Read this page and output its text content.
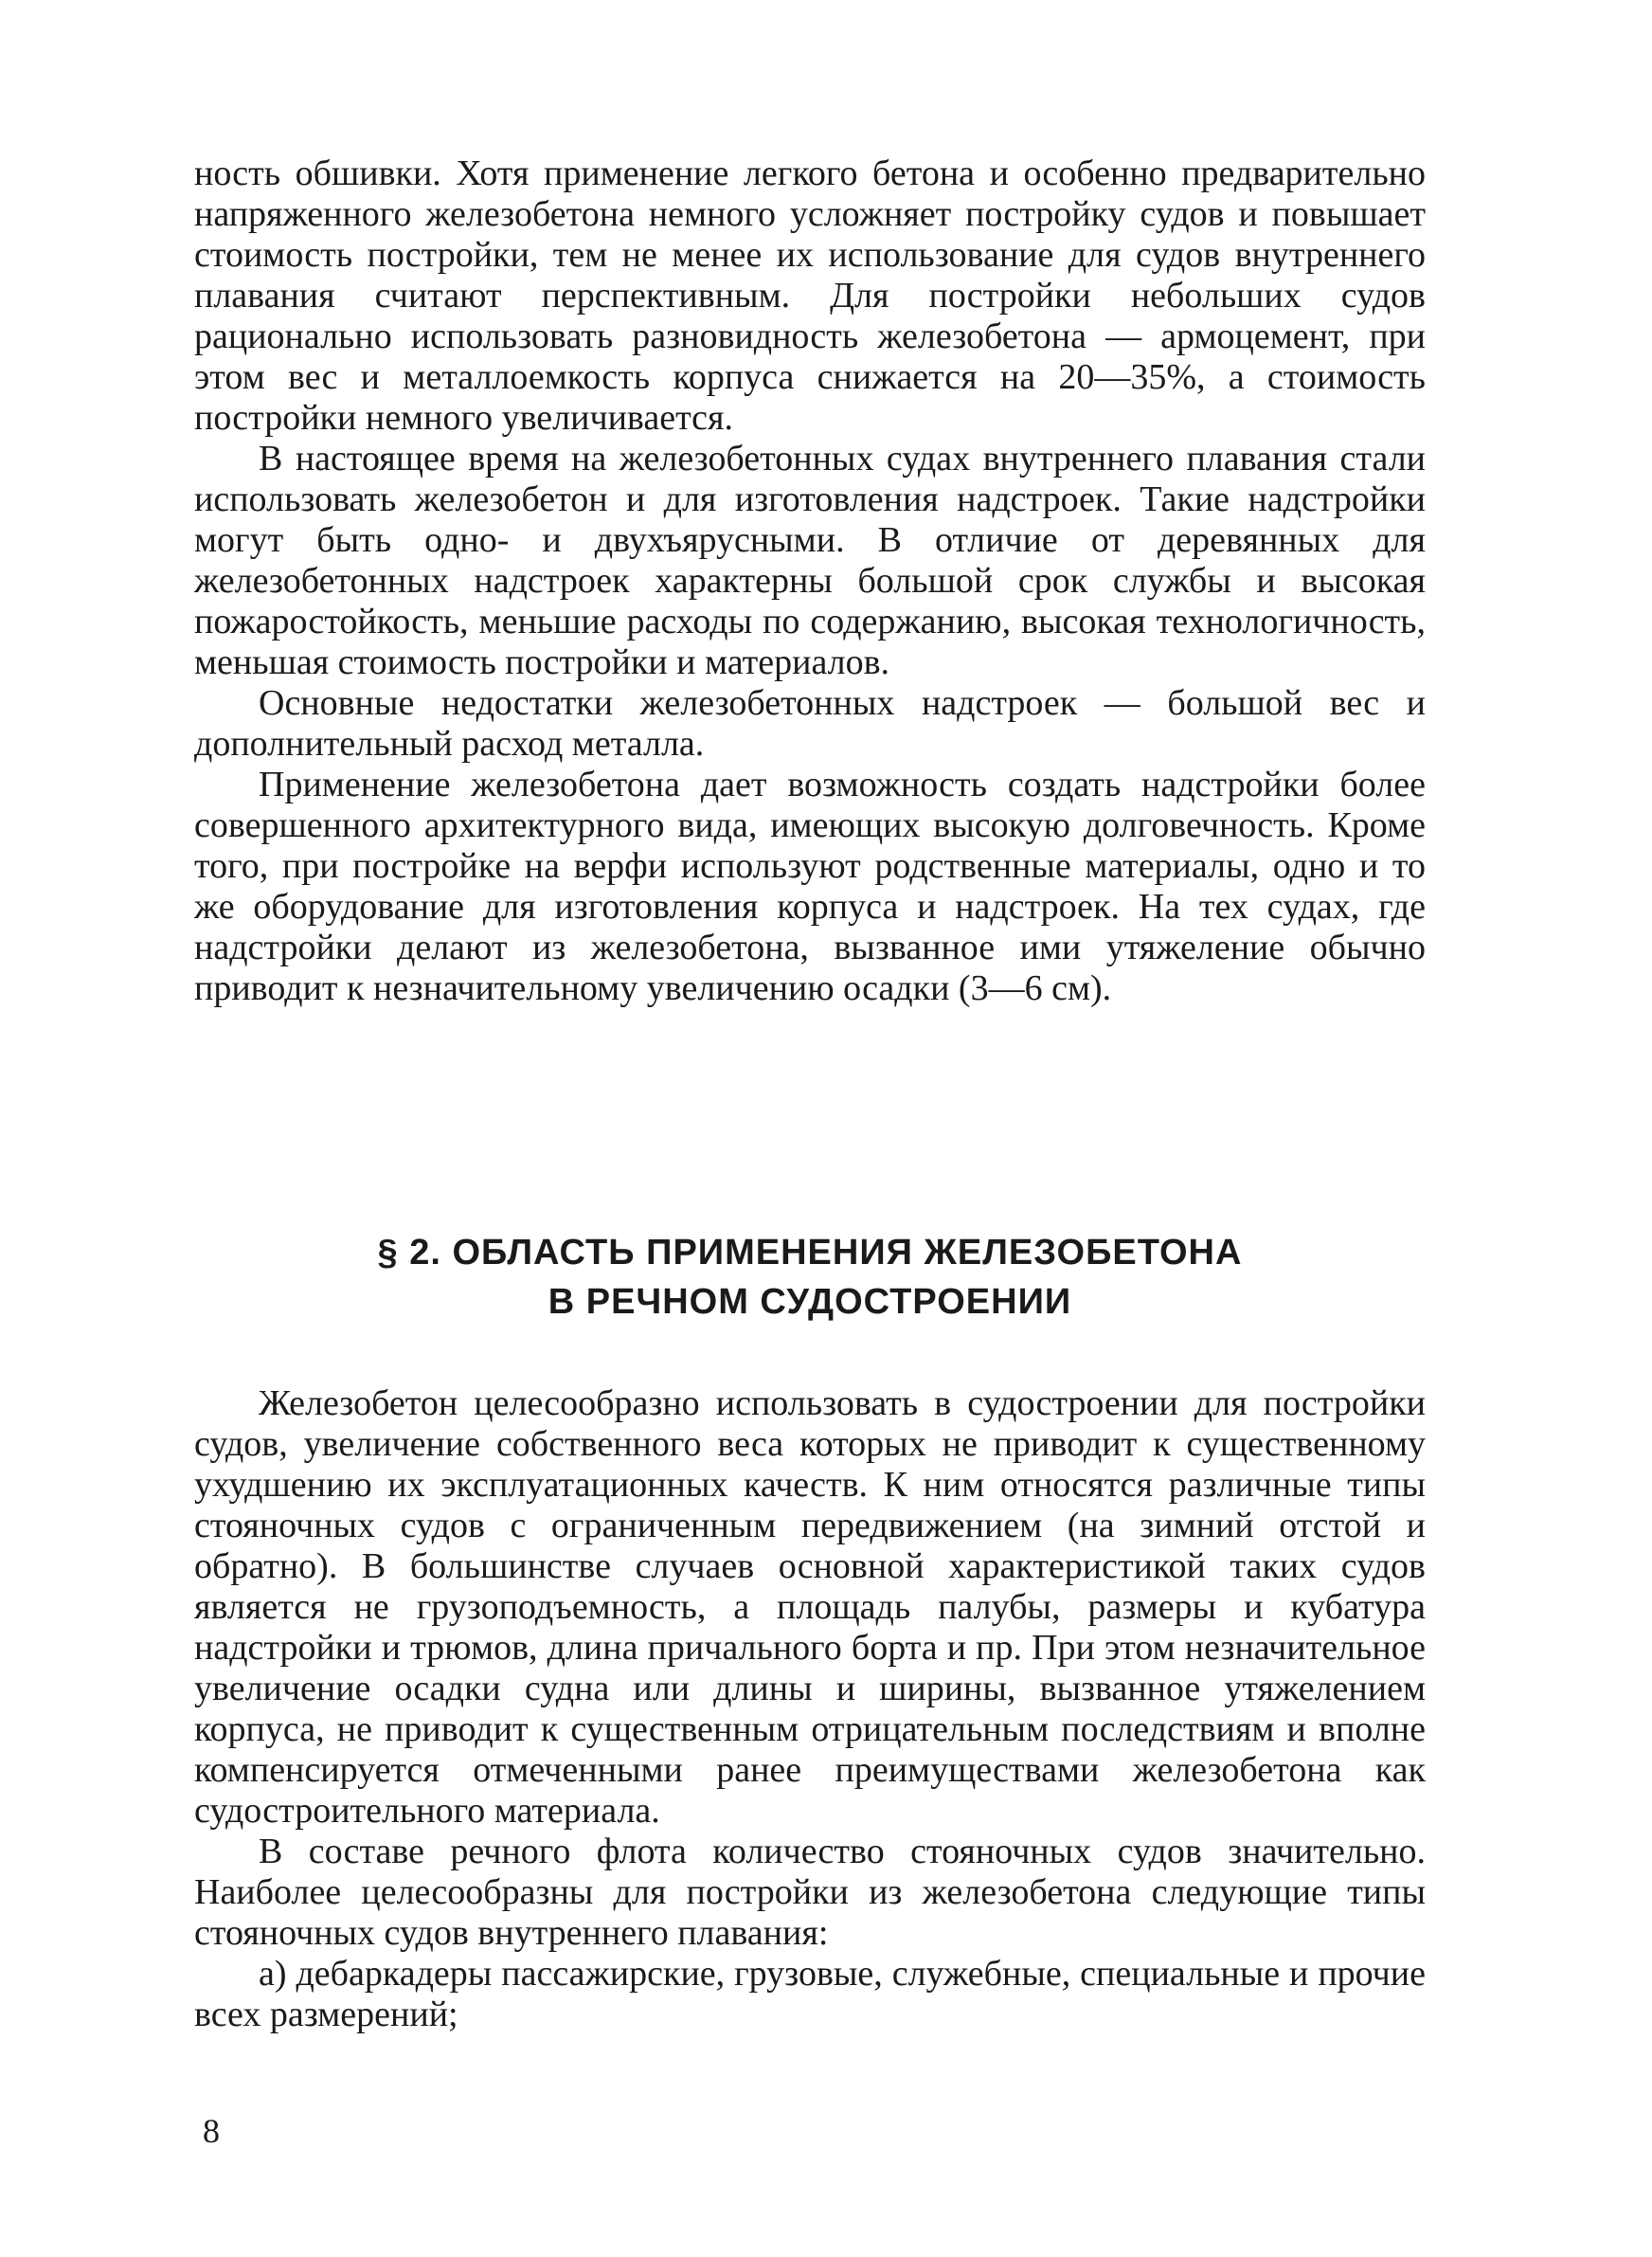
ность обшивки. Хотя применение легкого бетона и особенно предварительно напряженного железобетона немного усложняет постройку судов и повышает стоимость постройки, тем не менее их использование для судов внутреннего плавания считают перспективным. Для постройки небольших судов рационально использовать разновидность железобетона — армоцемент, при этом вес и металлоемкость корпуса снижается на 20—35%, а стоимость постройки немного увеличивается.

В настоящее время на железобетонных судах внутреннего плавания стали использовать железобетон и для изготовления надстроек. Такие надстройки могут быть одно- и двухъярусными. В отличие от деревянных для железобетонных надстроек характерны большой срок службы и высокая пожаростойкость, меньшие расходы по содержанию, высокая технологичность, меньшая стоимость постройки и материалов.

Основные недостатки железобетонных надстроек — большой вес и дополнительный расход металла.

Применение железобетона дает возможность создать надстройки более совершенного архитектурного вида, имеющих высокую долговечность. Кроме того, при постройке на верфи используют родственные материалы, одно и то же оборудование для изготовления корпуса и надстроек. На тех судах, где надстройки делают из железобетона, вызванное ими утяжеление обычно приводит к незначительному увеличению осадки (3—6 см).

§ 2. ОБЛАСТЬ ПРИМЕНЕНИЯ ЖЕЛЕЗОБЕТОНА
В РЕЧНОМ СУДОСТРОЕНИИ

Железобетон целесообразно использовать в судостроении для постройки судов, увеличение собственного веса которых не приводит к существенному ухудшению их эксплуатационных качеств. К ним относятся различные типы стояночных судов с ограниченным передвижением (на зимний отстой и обратно). В большинстве случаев основной характеристикой таких судов является не грузоподъемность, а площадь палубы, размеры и кубатура надстройки и трюмов, длина причального борта и пр. При этом незначительное увеличение осадки судна или длины и ширины, вызванное утяжелением корпуса, не приводит к существенным отрицательным последствиям и вполне компенсируется отмеченными ранее преимуществами железобетона как судостроительного материала.

В составе речного флота количество стояночных судов значительно. Наиболее целесообразны для постройки из железобетона следующие типы стояночных судов внутреннего плавания:

а) дебаркадеры пассажирские, грузовые, служебные, специальные и прочие всех размерений;

8
